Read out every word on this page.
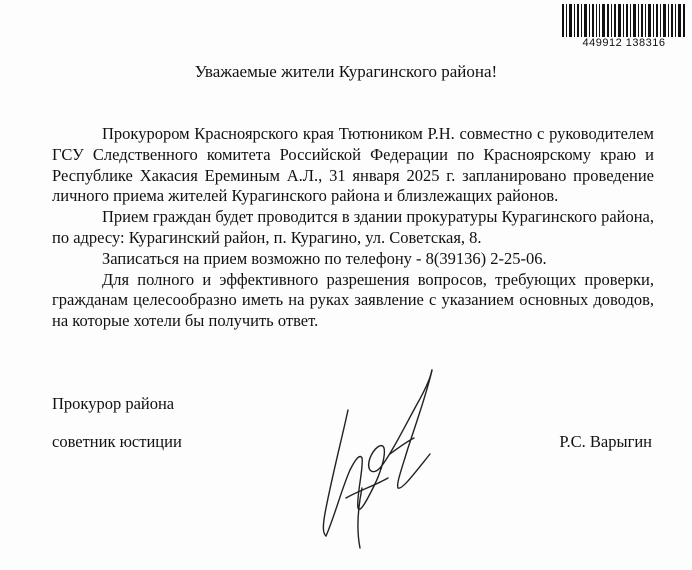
449912 138316
Уважаемые жители Курагинского района!

Прокурором Красноярского края Тютюником Р.Н. совместно с руководителем ГСУ Следственного комитета Российской Федерации по Красноярскому краю и Республике Хакасия Ереминым А.Л., 31 января 2025 г. запланировано проведение личного приема жителей Курагинского района и близлежащих районов.

Прием граждан будет проводится в здании прокуратуры Курагинского района, по адресу: Курагинский район, п. Курагино, ул. Советская, 8.

Записаться на прием возможно по телефону - 8(39136) 2-25-06.

Для полного и эффективного разрешения вопросов, требующих проверки, гражданам целесообразно иметь на руках заявление с указанием основных доводов, на которые хотели бы получить ответ.

Прокурор района
советник юстиции	Р.С. Варыгин
